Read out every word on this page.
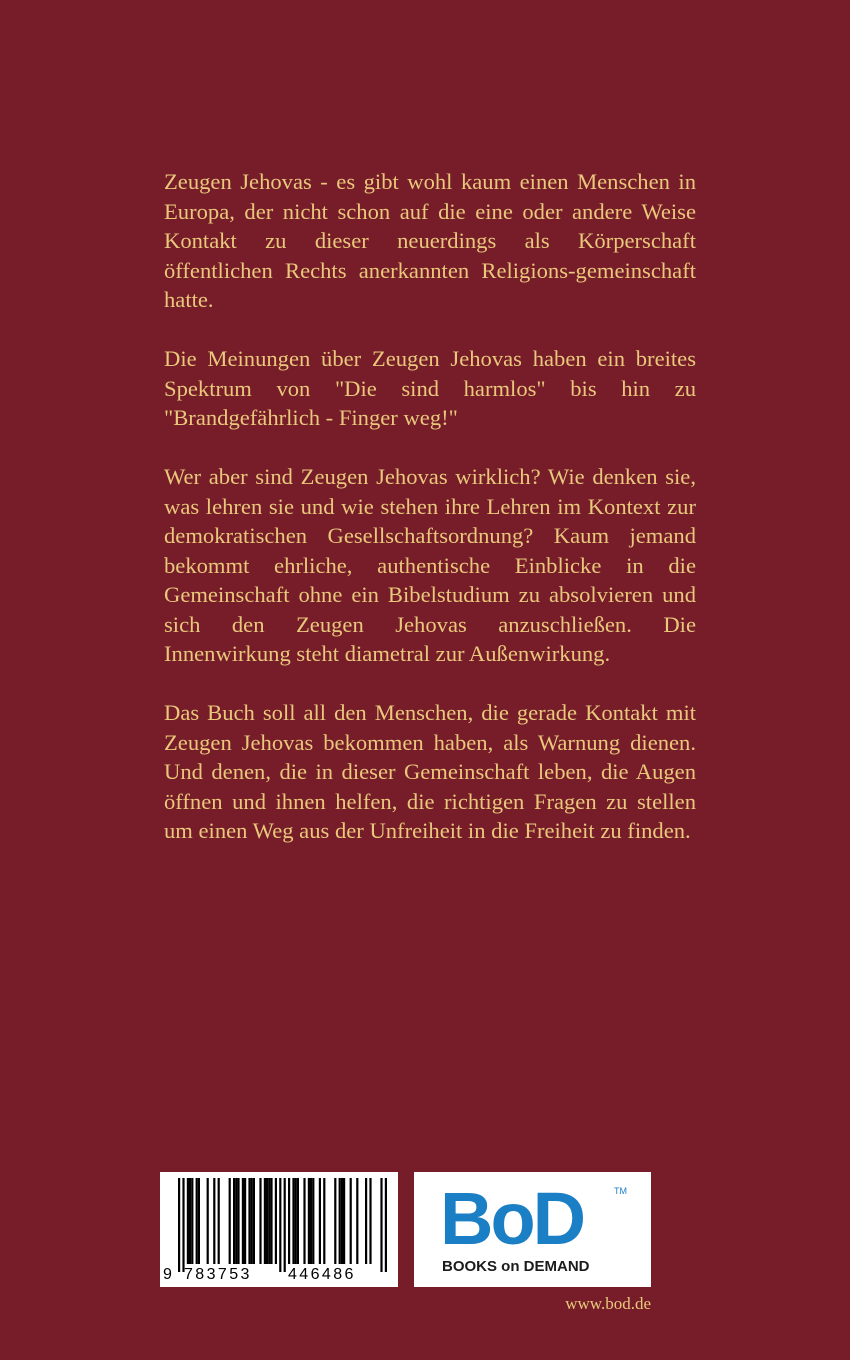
Zeugen Jehovas - es gibt wohl kaum einen Menschen in Europa, der nicht schon auf die eine oder andere Weise Kontakt zu dieser neuerdings als Körperschaft öffentlichen Rechts anerkannten Religions-gemeinschaft hatte.

Die Meinungen über Zeugen Jehovas haben ein breites Spektrum von "Die sind harmlos" bis hin zu "Brandgefährlich - Finger weg!"

Wer aber sind Zeugen Jehovas wirklich? Wie denken sie, was lehren sie und wie stehen ihre Lehren im Kontext zur demokratischen Gesellschaftsordnung? Kaum jemand bekommt ehrliche, authentische Einblicke in die Gemeinschaft ohne ein Bibelstudium zu absolvieren und sich den Zeugen Jehovas anzuschließen. Die Innenwirkung steht diametral zur Außenwirkung.

Das Buch soll all den Menschen, die gerade Kontakt mit Zeugen Jehovas bekommen haben, als Warnung dienen. Und denen, die in dieser Gemeinschaft leben, die Augen öffnen und ihnen helfen, die richtigen Fragen zu stellen um einen Weg aus der Unfreiheit in die Freiheit zu finden.

9 783753 446486
BoD	TM
BOOKS on DEMAND
www.bod.de
